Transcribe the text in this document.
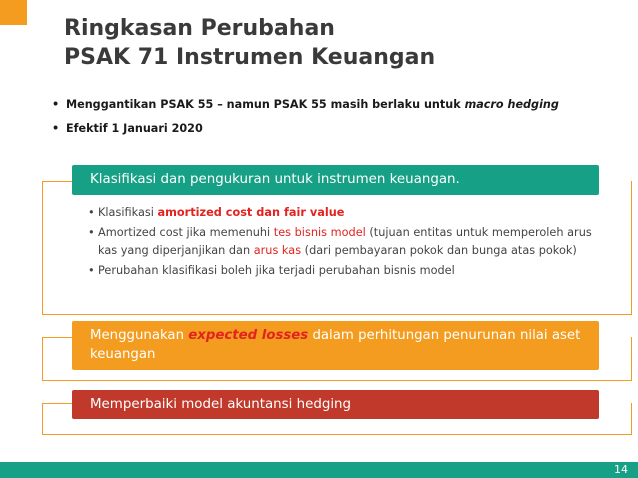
Ringkasan Perubahan
PSAK 71 Instrumen Keuangan
• Menggantikan PSAK 55 – namun PSAK 55 masih berlaku untuk macro hedging
• Efektif 1 Januari 2020
Klasifikasi dan pengukuran untuk instrumen keuangan.
• Klasifikasi amortized cost dan fair value
• Amortized cost jika memenuhi tes bisnis model (tujuan entitas untuk memperoleh arus kas yang diperjanjikan dan arus kas (dari pembayaran pokok dan bunga atas pokok)
• Perubahan klasifikasi boleh jika terjadi perubahan bisnis model
Menggunakan expected losses dalam perhitungan penurunan nilai aset keuangan
Memperbaiki model akuntansi hedging
14
